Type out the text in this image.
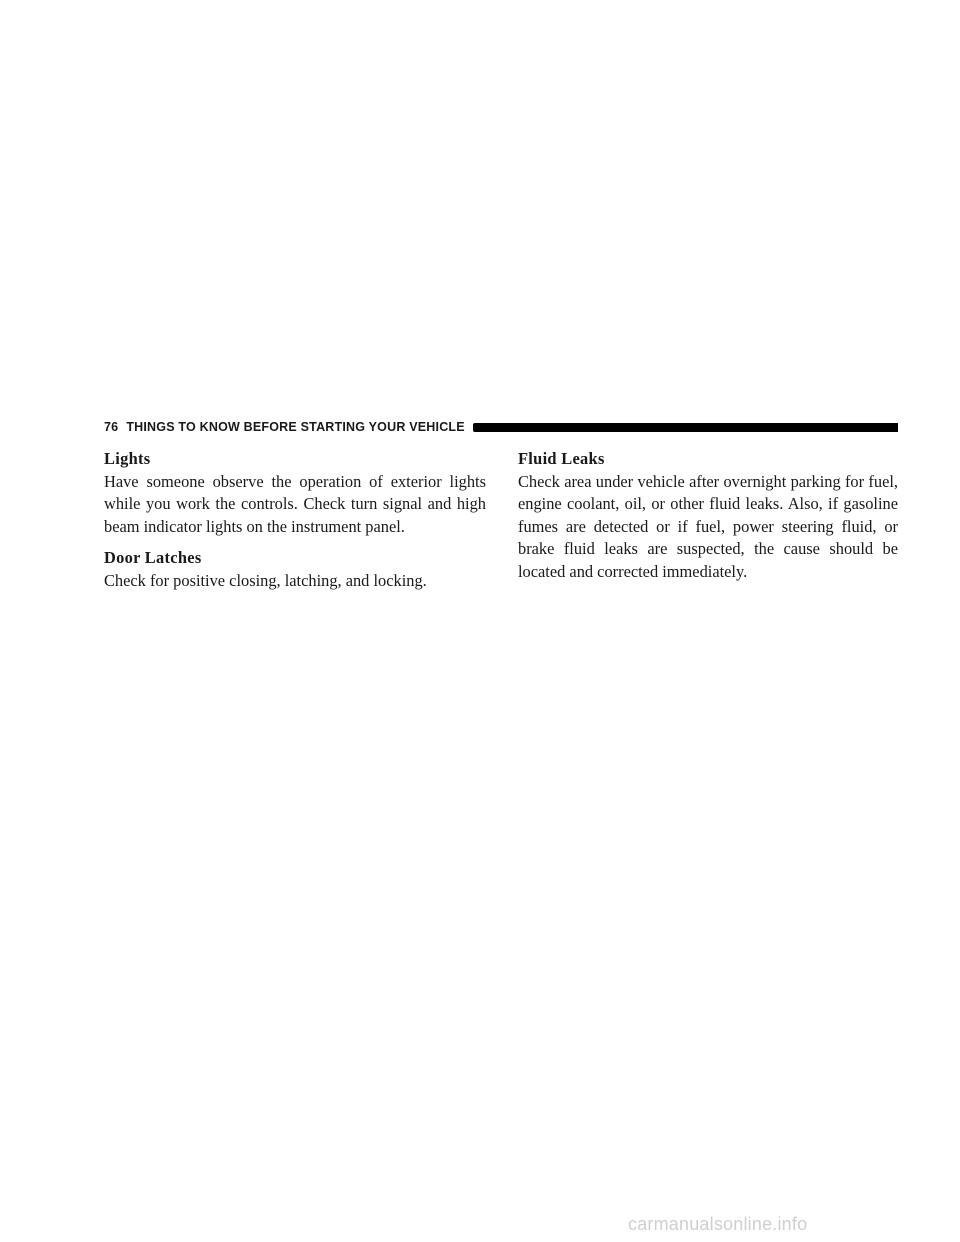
76 THINGS TO KNOW BEFORE STARTING YOUR VEHICLE

Lights

Have someone observe the operation of exterior lights while you work the controls. Check turn signal and high beam indicator lights on the instrument panel.

Door Latches

Check for positive closing, latching, and locking.

Fluid Leaks

Check area under vehicle after overnight parking for fuel, engine coolant, oil, or other fluid leaks. Also, if gasoline fumes are detected or if fuel, power steering fluid, or brake fluid leaks are suspected, the cause should be located and corrected immediately.

carmanualsonline.info
